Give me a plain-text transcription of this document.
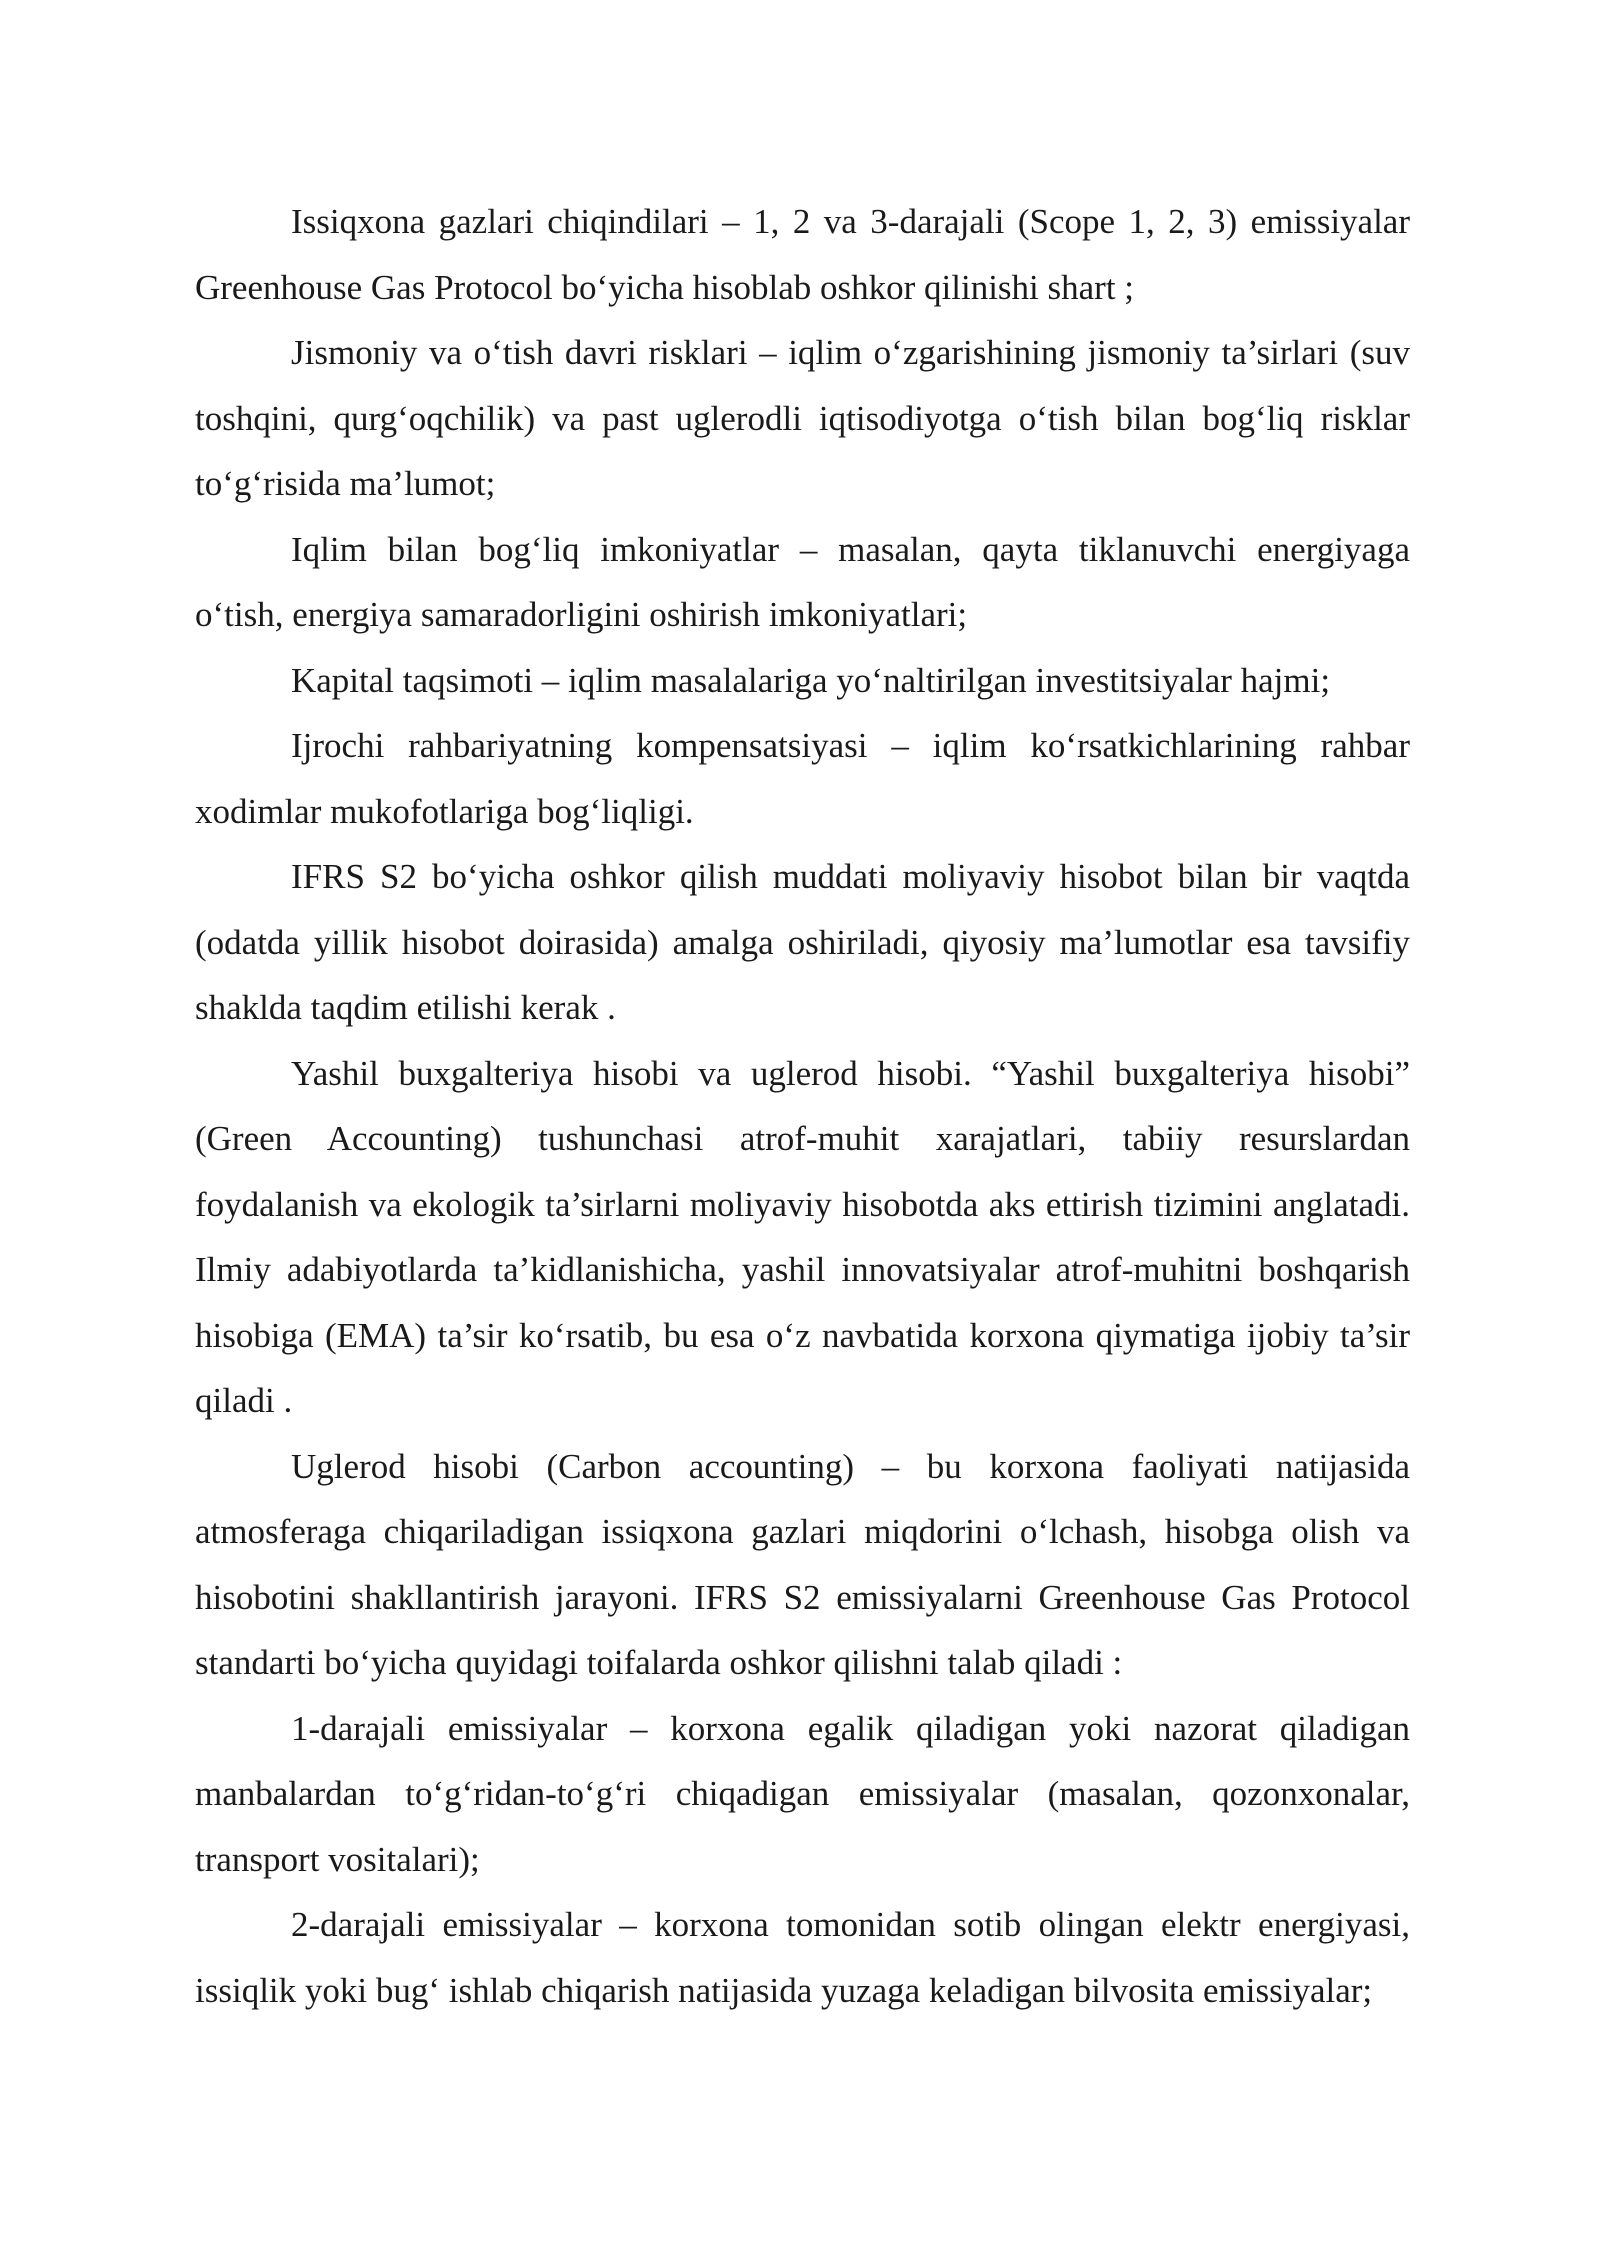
Issiqxona gazlari chiqindilari – 1, 2 va 3-darajali (Scope 1, 2, 3) emissiyalar Greenhouse Gas Protocol bo‘yicha hisoblab oshkor qilinishi shart ;

Jismoniy va o‘tish davri risklari – iqlim o‘zgarishining jismoniy ta’sirlari (suv toshqini, qurg‘oqchilik) va past uglerodli iqtisodiyotga o‘tish bilan bog‘liq risklar to‘g‘risida ma’lumot;

Iqlim bilan bog‘liq imkoniyatlar – masalan, qayta tiklanuvchi energiyaga o‘tish, energiya samaradorligini oshirish imkoniyatlari;

Kapital taqsimoti – iqlim masalalariga yo‘naltirilgan investitsiyalar hajmi;

Ijrochi rahbariyatning kompensatsiyasi – iqlim ko‘rsatkichlarining rahbar xodimlar mukofotlariga bog‘liqligi.

IFRS S2 bo‘yicha oshkor qilish muddati moliyaviy hisobot bilan bir vaqtda (odatda yillik hisobot doirasida) amalga oshiriladi, qiyosiy ma’lumotlar esa tavsifiy shaklda taqdim etilishi kerak .

Yashil buxgalteriya hisobi va uglerod hisobi. “Yashil buxgalteriya hisobi” (Green Accounting) tushunchasi atrof-muhit xarajatlari, tabiiy resurslardan foydalanish va ekologik ta’sirlarni moliyaviy hisobotda aks ettirish tizimini anglatadi. Ilmiy adabiyotlarda ta’kidlanishicha, yashil innovatsiyalar atrof-muhitni boshqarish hisobiga (EMA) ta’sir ko‘rsatib, bu esa o‘z navbatida korxona qiymatiga ijobiy ta’sir qiladi .

Uglerod hisobi (Carbon accounting) – bu korxona faoliyati natijasida atmosferaga chiqariladigan issiqxona gazlari miqdorini o‘lchash, hisobga olish va hisobotini shakllantirish jarayoni. IFRS S2 emissiyalarni Greenhouse Gas Protocol standarti bo‘yicha quyidagi toifalarda oshkor qilishni talab qiladi :

1-darajali emissiyalar – korxona egalik qiladigan yoki nazorat qiladigan manbalardan to‘g‘ridan-to‘g‘ri chiqadigan emissiyalar (masalan, qozonxonalar, transport vositalari);

2-darajali emissiyalar – korxona tomonidan sotib olingan elektr energiyasi, issiqlik yoki bug‘ ishlab chiqarish natijasida yuzaga keladigan bilvosita emissiyalar;
